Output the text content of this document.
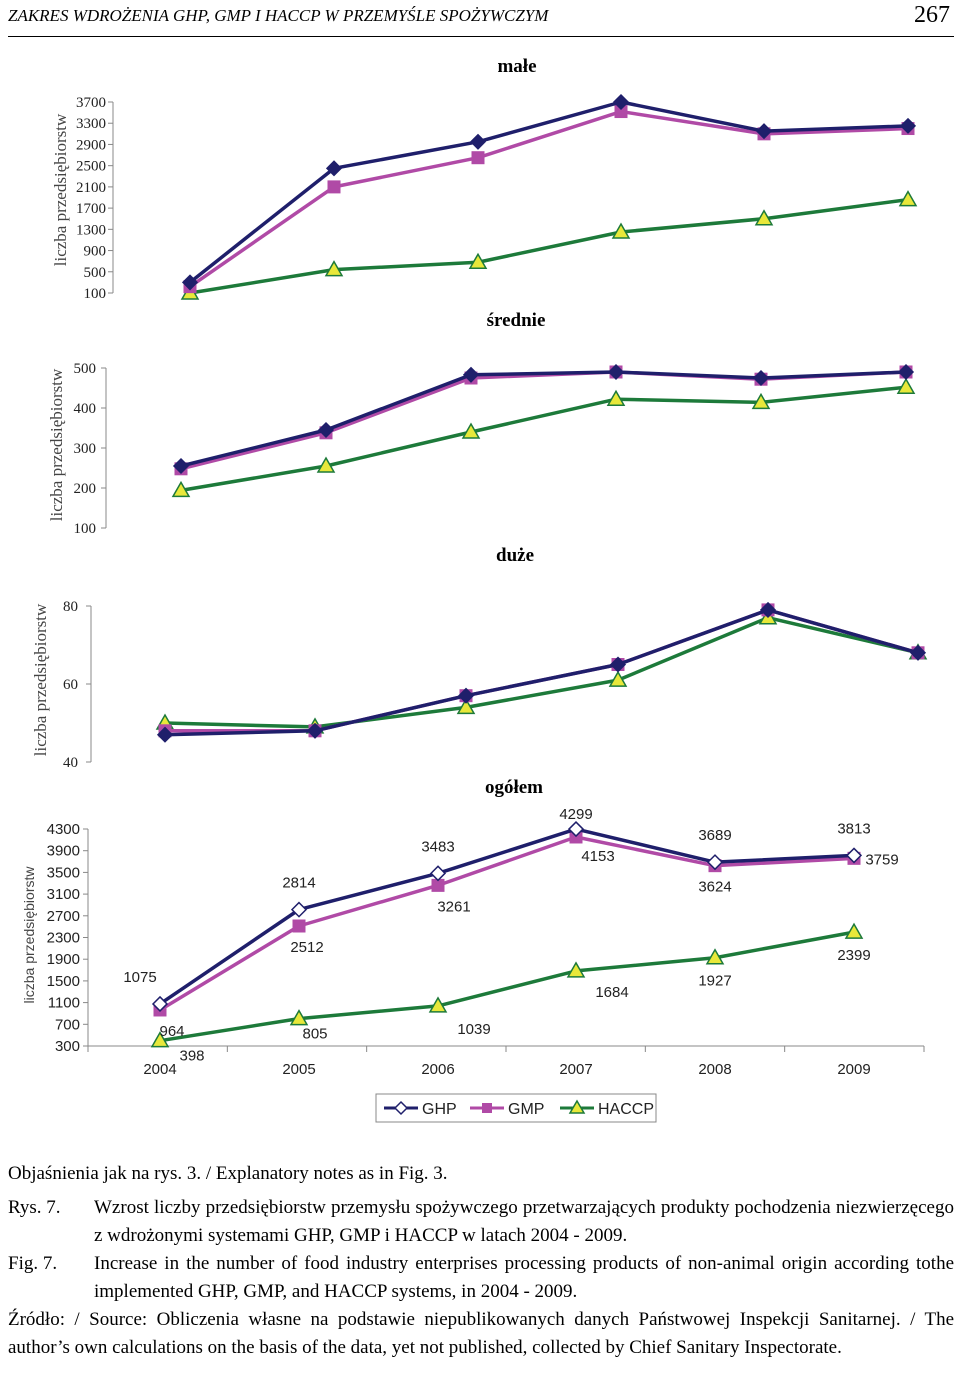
ZAKRES WDROŻENIA GHP, GMP I HACCP W PRZEMYŚLE SPOŻYWCZYM	267
małe
liczba przedsiębiorstw
3700
3300
2900
2500
2100
1700
1300
900
500
100
średnie
liczba przedsiębiorstw 500
400
300
200
100
duże
liczba przedsiębiorstw 80
60
40
ogółem
liczba przedsiębiorstw
4300
3900
3500
3100
2700
2300
1900
1500
1100
700
300
2004	2005	2006	2007	2008	2009
1075
2814
3483
4299
3689	3813
964
2512
3261
4153
3624
3759
398
805	1039
1684
1927
2399
GHP	GMP	HACCP
Objaśnienia jak na rys. 3. / Explanatory notes as in Fig. 3.
Rys. 7.	Wzrost liczby przedsiębiorstw przemysłu spożywczego przetwarzających produkty pochodzenia niezwierzęcego z wdrożonymi systemami GHP, GMP i HACCP w latach 2004 - 2009.
Fig. 7.	Increase in the number of food industry enterprises processing products of non-animal origin according tothe implemented GHP, GMP, and HACCP systems, in 2004 - 2009.
Źródło: / Source: Obliczenia własne na podstawie niepublikowanych danych Państwowej Inspekcji Sanitarnej. / The author’s own calculations on the basis of the data, yet not published, collected by Chief Sanitary Inspectorate.
